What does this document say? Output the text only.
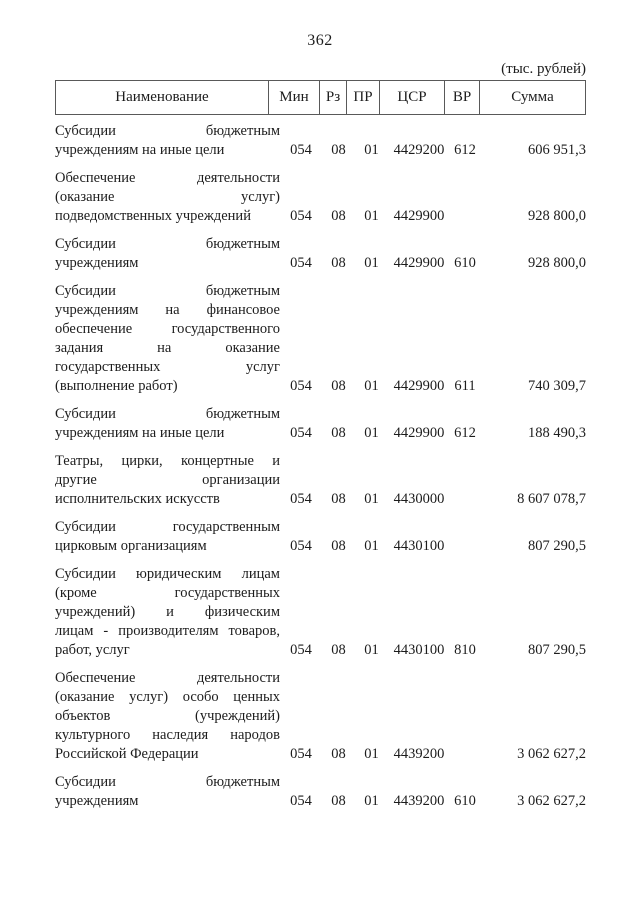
362
(тыс. рублей)
Наименование	Мин	Рз ПР	ЦСР	ВР	Сумма
Субсидии бюджетным
учреждениям на иные цели	054	08	01	4429200 612	606 951,3
Обеспечение деятельности
(оказание услуг)
подведомственных учреждений	054	08	01	4429900	928 800,0
Субсидии бюджетным
учреждениям	054	08	01	4429900 610	928 800,0
Субсидии бюджетным
учреждениям на финансовое
обеспечение государственного
задания на оказание
государственных услуг
(выполнение работ)	054	08	01	4429900 611	740 309,7
Субсидии бюджетным
учреждениям на иные цели	054	08	01	4429900 612	188 490,3
Театры, цирки, концертные и
другие организации
исполнительских искусств	054	08	01	4430000	8 607 078,7
Субсидии государственным
цирковым организациям	054	08	01	4430100	807 290,5
Субсидии юридическим лицам
(кроме государственных
учреждений) и физическим
лицам - производителям товаров,
работ, услуг	054	08	01	4430100 810	807 290,5
Обеспечение деятельности
(оказание услуг) особо ценных
объектов (учреждений)
культурного наследия народов
Российской Федерации	054	08	01	4439200	3 062 627,2
Субсидии бюджетным
учреждениям	054	08	01	4439200 610	3 062 627,2
